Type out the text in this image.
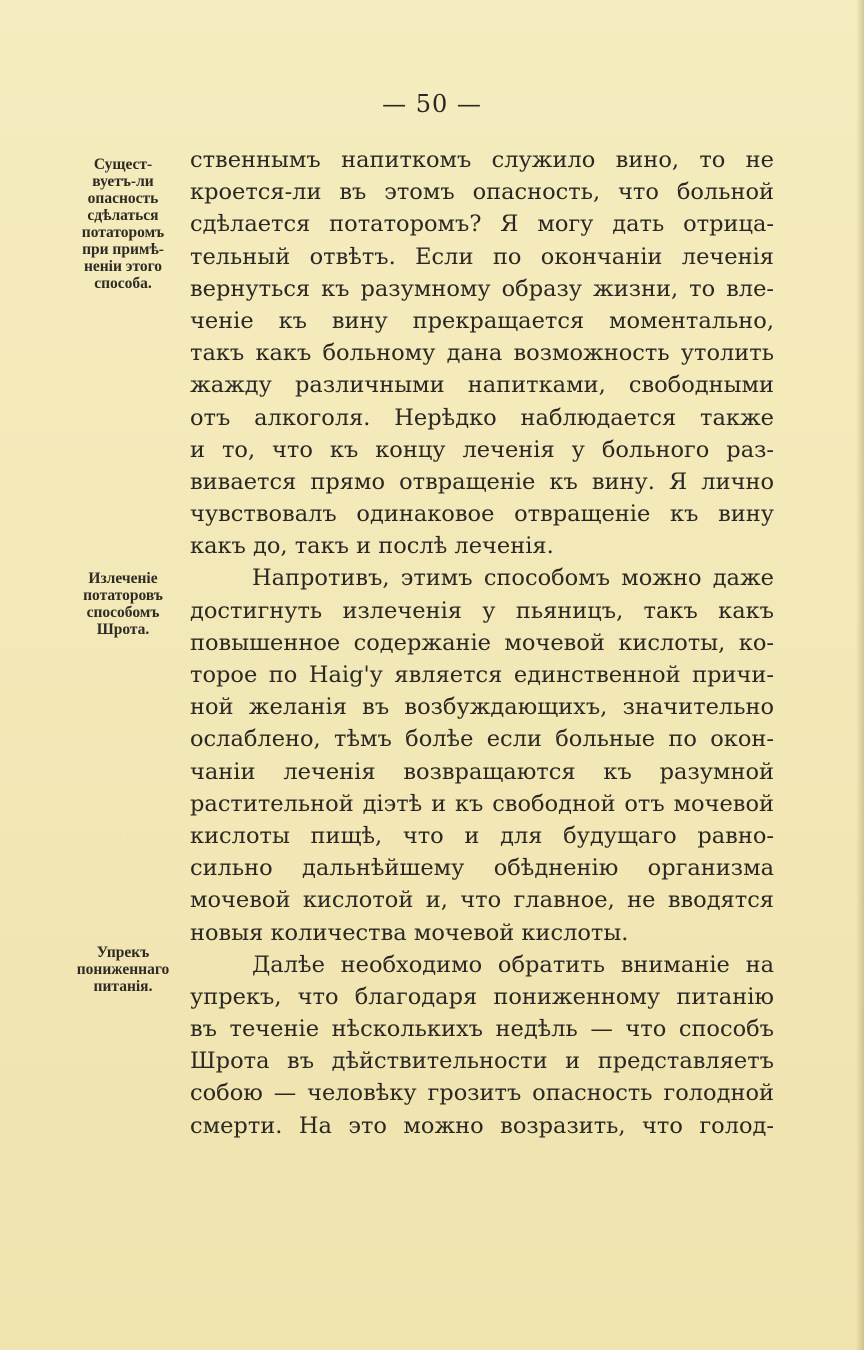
— 50 —
Сущест-
вуетъ-ли
опасность
сдѣлаться
потаторомъ
при примѣ-
ненiи этого
способа.
Излеченiе
потаторовъ
способомъ
Шрота.
Упрекъ
пониженнаго
питанiя.
ственнымъ напиткомъ служило вино, то не
кроется-ли въ этомъ опасность, что больной
сдѣлается потаторомъ? Я могу дать отрица-
тельный отвѣтъ. Если по окончанiи леченiя
вернуться къ разумному образу жизни, то вле-
ченiе къ вину прекращается моментально,
такъ какъ больному дана возможность утолить
жажду различными напитками, свободными
отъ алкоголя. Нерѣдко наблюдается также
и то, что къ концу леченiя у больного раз-
вивается прямо отвращенiе къ вину. Я лично
чувствовалъ одинаковое отвращенiе къ вину
какъ до, такъ и послѣ леченiя.
Напротивъ, этимъ способомъ можно даже
достигнуть излеченiя у пьяницъ, такъ какъ
повышенное содержанiе мочевой кислоты, ко-
торое по Haig'у является единственной причи-
ной желанiя въ возбуждающихъ, значительно
ослаблено, тѣмъ болѣе если больные по окон-
чанiи леченiя возвращаются къ разумной
растительной дiэтѣ и къ свободной отъ мочевой
кислоты пищѣ, что и для будущаго равно-
сильно дальнѣйшему обѣдненiю организма
мочевой кислотой и, что главное, не вводятся
новыя количества мочевой кислоты.
Далѣе необходимо обратить вниманiе на
упрекъ, что благодаря пониженному питанiю
въ теченiе нѣсколькихъ недѣль — что способъ
Шрота въ дѣйствительности и представляетъ
собою — человѣку грозитъ опасность голодной
смерти. На это можно возразить, что голод-
